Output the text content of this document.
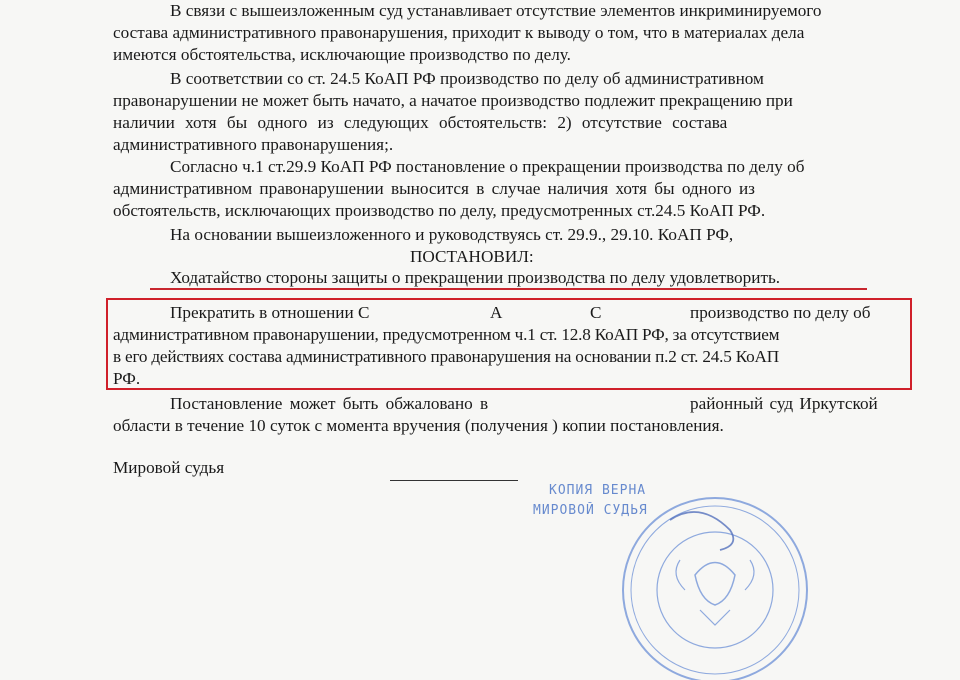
В связи с вышеизложенным суд устанавливает отсутствие элементов инкриминируемого
состава административного правонарушения, приходит к выводу о том, что в материалах дела
имеются обстоятельства, исключающие производство по делу.
В соответствии со ст. 24.5 КоАП РФ производство по делу об административном
правонарушении не может быть начато, а начатое производство подлежит прекращению при
наличии хотя бы одного из следующих обстоятельств: 2) отсутствие состава
административного правонарушения;.
Согласно ч.1 ст.29.9 КоАП РФ постановление о прекращении производства по делу об
административном правонарушении выносится в случае наличия хотя бы одного из
обстоятельств, исключающих производство по делу, предусмотренных ст.24.5 КоАП РФ.
На основании вышеизложенного и руководствуясь ст. 29.9., 29.10. КоАП РФ,
ПОСТАНОВИЛ:
Ходатайство стороны защиты о прекращении производства по делу удовлетворить.
Прекратить в отношении С	А	С	производство по делу об
административном правонарушении, предусмотренном ч.1 ст. 12.8 КоАП РФ, за отсутствием
в его действиях состава административного правонарушения на основании п.2 ст. 24.5 КоАП
РФ.
Постановление может быть обжаловано в	районный суд Иркутской
области в течение 10 суток с момента вручения (получения ) копии постановления.
Мировой судья
КОПИЯ ВЕРНА
МИРОВОЙ СУДЬЯ
